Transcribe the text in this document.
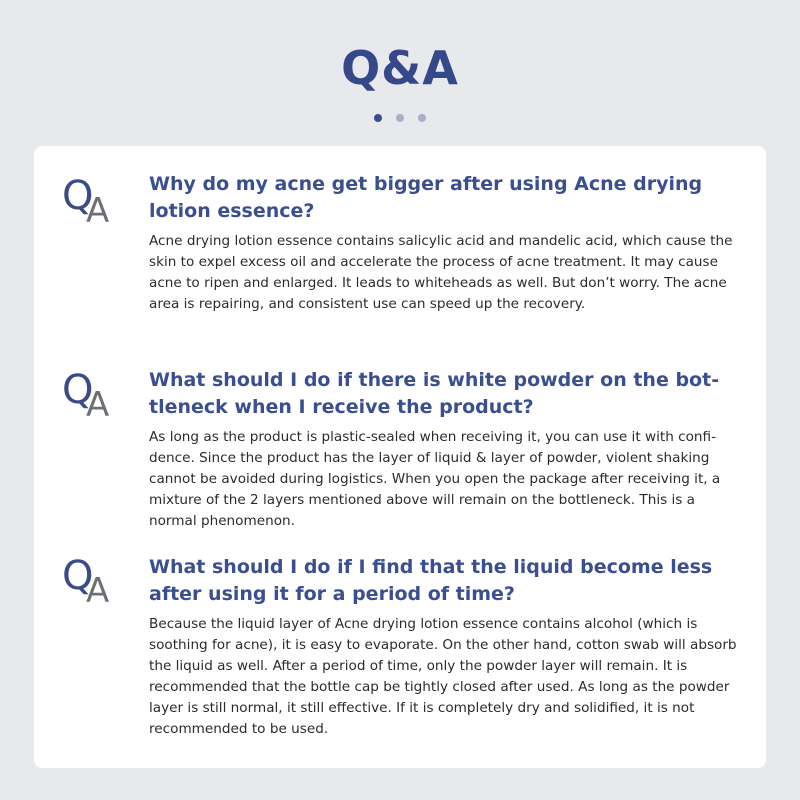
Q&A
Q
A

Why do my acne get bigger after using Acne drying lotion essence?

Acne drying lotion essence contains salicylic acid and mandelic acid, which cause the skin to expel excess oil and accelerate the process of acne treatment. It may cause acne to ripen and enlarged. It leads to whiteheads as well. But don’t worry. The acne area is repairing, and consistent use can speed up the recovery.

Q
A

What should I do if there is white powder on the bot-tleneck when I receive the product?

As long as the product is plastic-sealed when receiving it, you can use it with confi-dence. Since the product has the layer of liquid & layer of powder, violent shaking cannot be avoided during logistics. When you open the package after receiving it, a mixture of the 2 layers mentioned above will remain on the bottleneck. This is a normal phenomenon.

Q
A

What should I do if I find that the liquid become less after using it for a period of time?

Because the liquid layer of Acne drying lotion essence contains alcohol (which is soothing for acne), it is easy to evaporate. On the other hand, cotton swab will absorb the liquid as well. After a period of time, only the powder layer will remain. It is recommended that the bottle cap be tightly closed after used. As long as the powder layer is still normal, it still effective. If it is completely dry and solidified, it is not recommended to be used.
